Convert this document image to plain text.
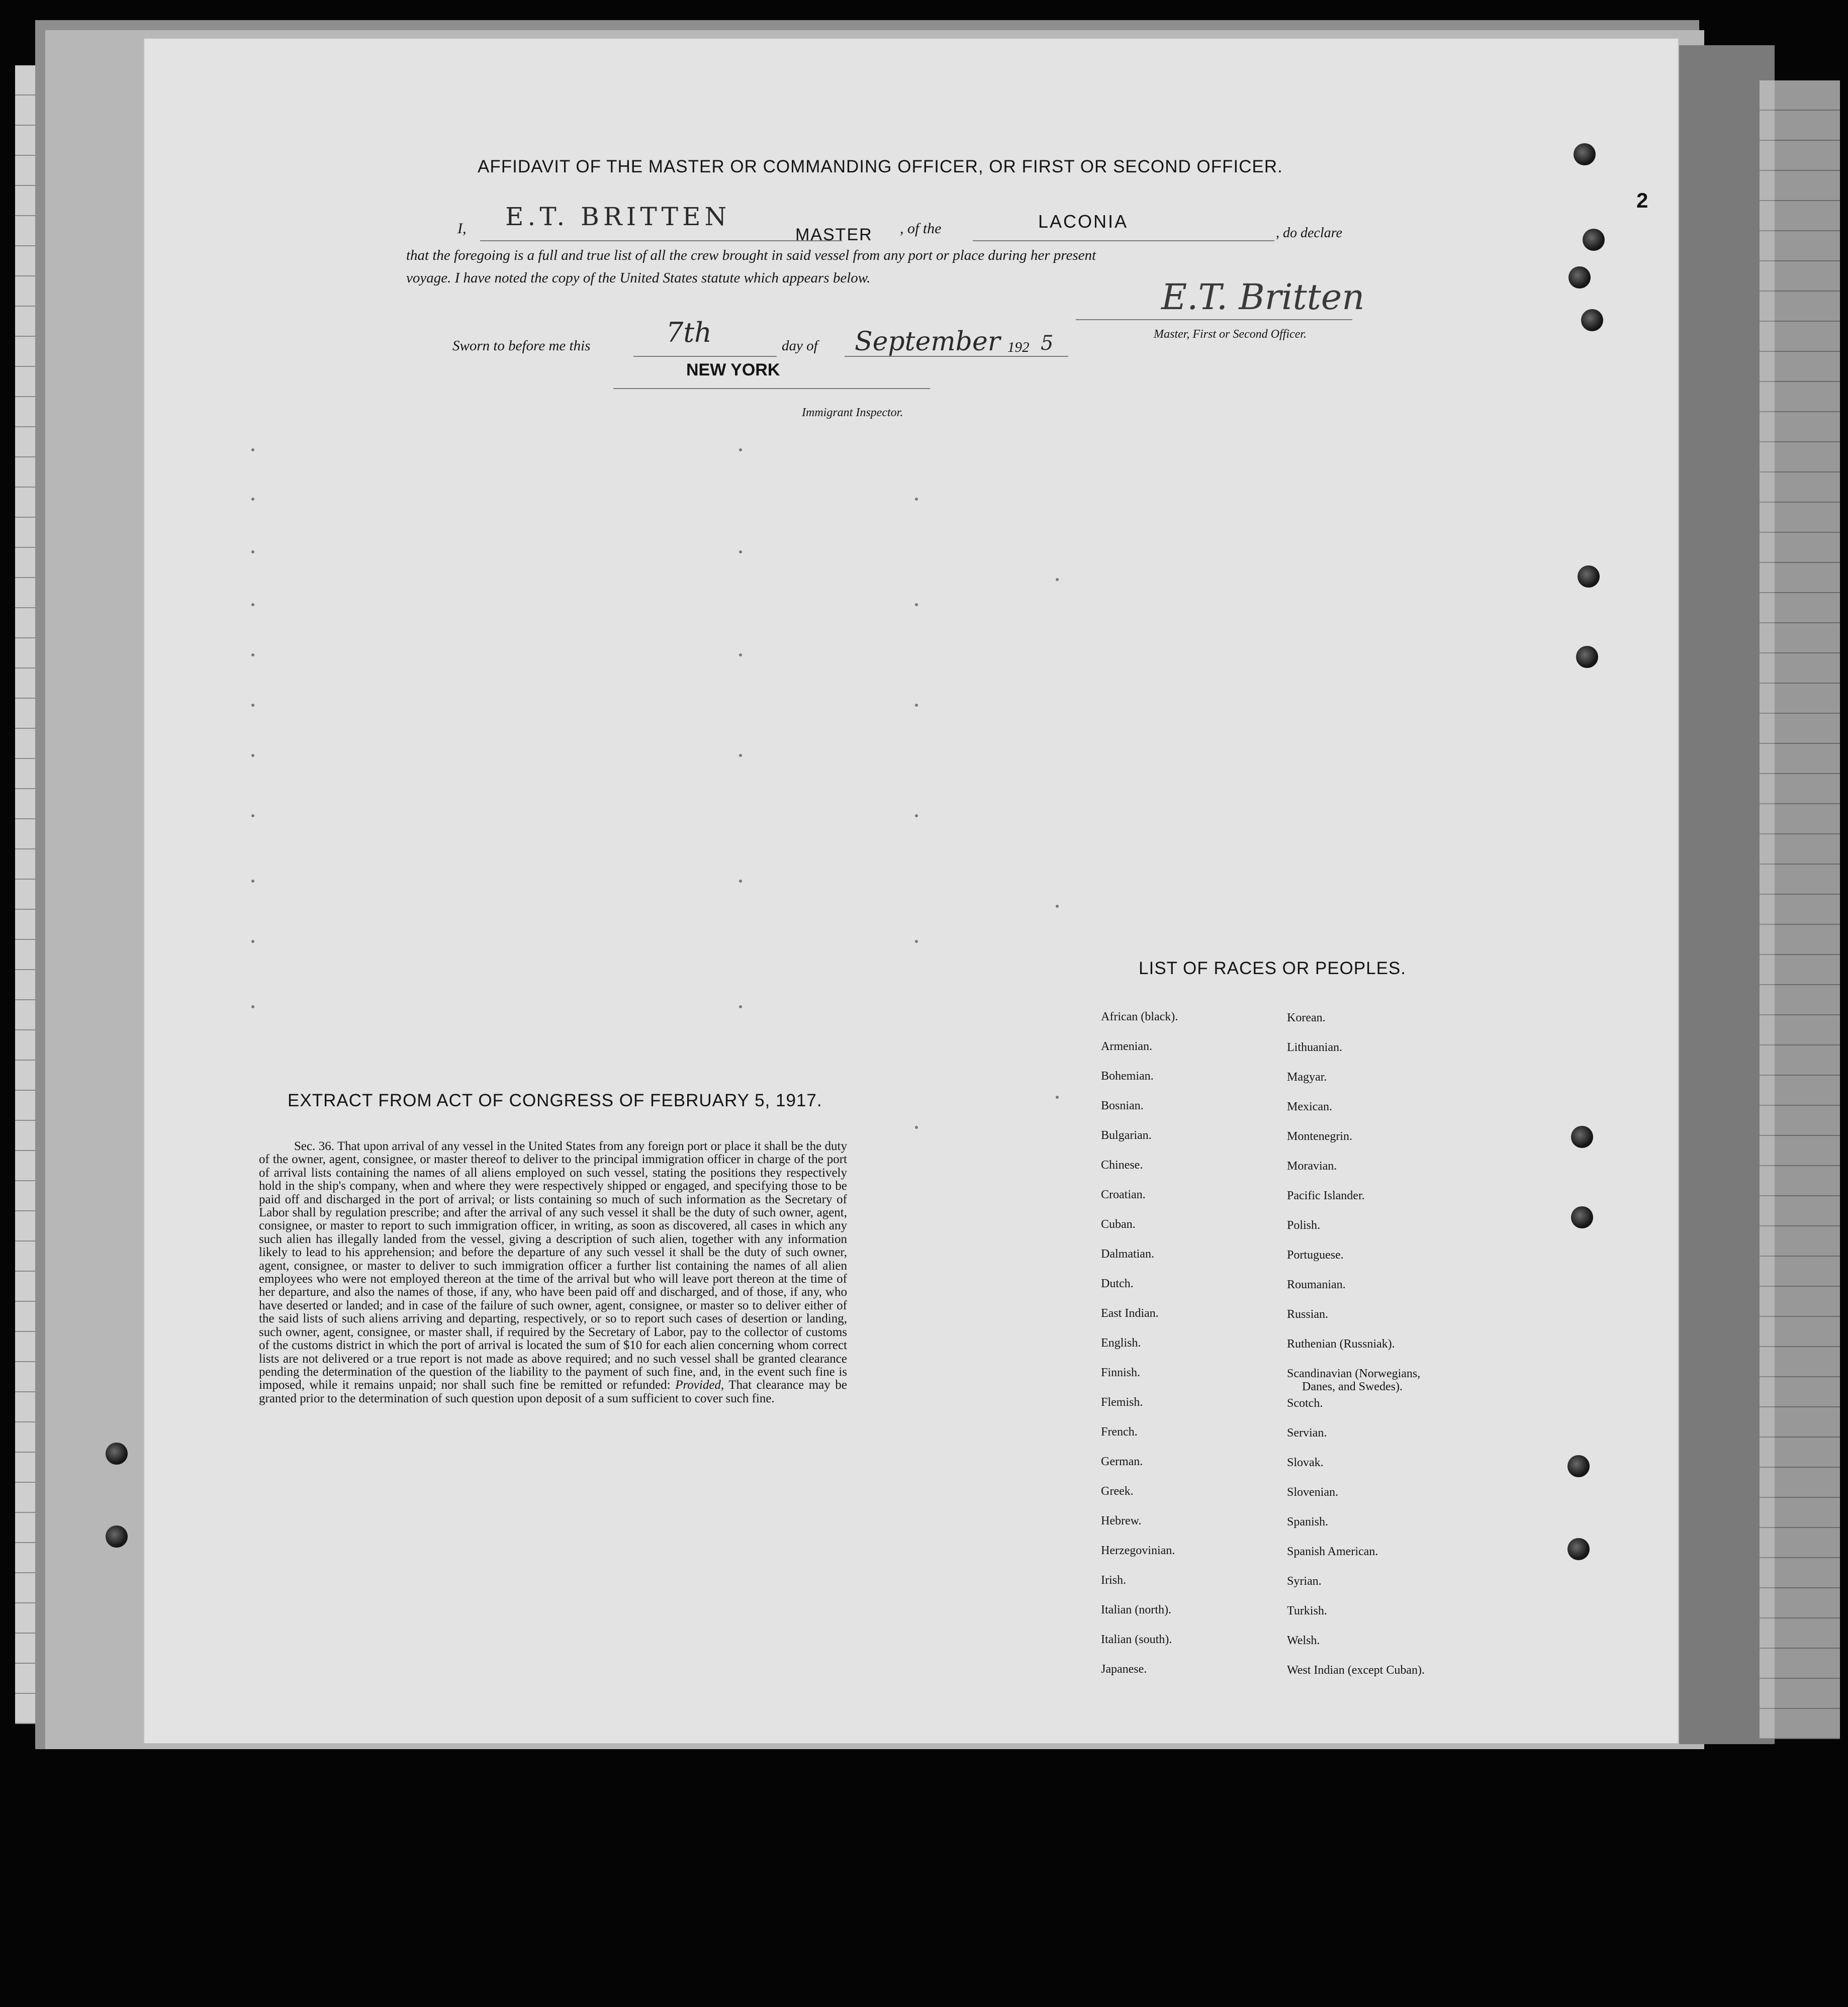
2
AFFIDAVIT OF THE MASTER OR COMMANDING OFFICER, OR FIRST OR SECOND OFFICER.
I, E.T. BRITTEN
MASTER , of the	LACONIA
, do declare
that the foregoing is a full and true list of all the crew brought in said vessel from any port or place during her present
voyage. I have noted the copy of the United States statute which appears below.	E.T. Britten
Master, First or Second Officer.
Sworn to before me this	7th	day of September 192 5
NEW YORK
Immigrant Inspector.
EXTRACT FROM ACT OF CONGRESS OF FEBRUARY 5, 1917.
Sec. 36. That upon arrival of any vessel in the United States from any foreign port or place it shall be the duty of the owner, agent, consignee, or master thereof to deliver to the principal immigration officer in charge of the port of arrival lists containing the names of all aliens employed on such vessel, stating the positions they respectively hold in the ship's company, when and where they were respectively shipped or engaged, and specifying those to be paid off and discharged in the port of arrival; or lists containing so much of such information as the Secretary of Labor shall by regulation prescribe; and after the arrival of any such vessel it shall be the duty of such owner, agent, consignee, or master to report to such immigration officer, in writing, as soon as discovered, all cases in which any such alien has illegally landed from the vessel, giving a description of such alien, together with any information likely to lead to his apprehension; and before the departure of any such vessel it shall be the duty of such owner, agent, consignee, or master to deliver to such immigration officer a further list containing the names of all alien employees who were not employed thereon at the time of the arrival but who will leave port thereon at the time of her departure, and also the names of those, if any, who have been paid off and discharged, and of those, if any, who have deserted or landed; and in case of the failure of such owner, agent, consignee, or master so to deliver either of the said lists of such aliens arriving and departing, respectively, or so to report such cases of desertion or landing, such owner, agent, consignee, or master shall, if required by the Secretary of Labor, pay to the collector of customs of the customs district in which the port of arrival is located the sum of $10 for each alien concerning whom correct lists are not delivered or a true report is not made as above required; and no such vessel shall be granted clearance pending the determination of the question of the liability to the payment of such fine, and, in the event such fine is imposed, while it remains unpaid; nor shall such fine be remitted or refunded: Provided, That clearance may be granted prior to the determination of such question upon deposit of a sum sufficient to cover such fine.
LIST OF RACES OR PEOPLES.
African (black).
Armenian.
Bohemian.
Bosnian.
Bulgarian.
Chinese.
Croatian.
Cuban.
Dalmatian.
Dutch.
East Indian.
English.
Finnish.
Flemish.
French.
German.
Greek.
Hebrew.
Herzegovinian.
Irish.
Italian (north).
Italian (south).
Japanese.
Korean.
Lithuanian.
Magyar.
Mexican.
Montenegrin.
Moravian.
Pacific Islander.
Polish.
Portuguese.
Roumanian.
Russian.
Ruthenian (Russniak).
Scandinavian (Norwegians,
Danes, and Swedes).
Scotch.
Servian.
Slovak.
Slovenian.
Spanish.
Spanish American.
Syrian.
Turkish.
Welsh.
West Indian (except Cuban).
